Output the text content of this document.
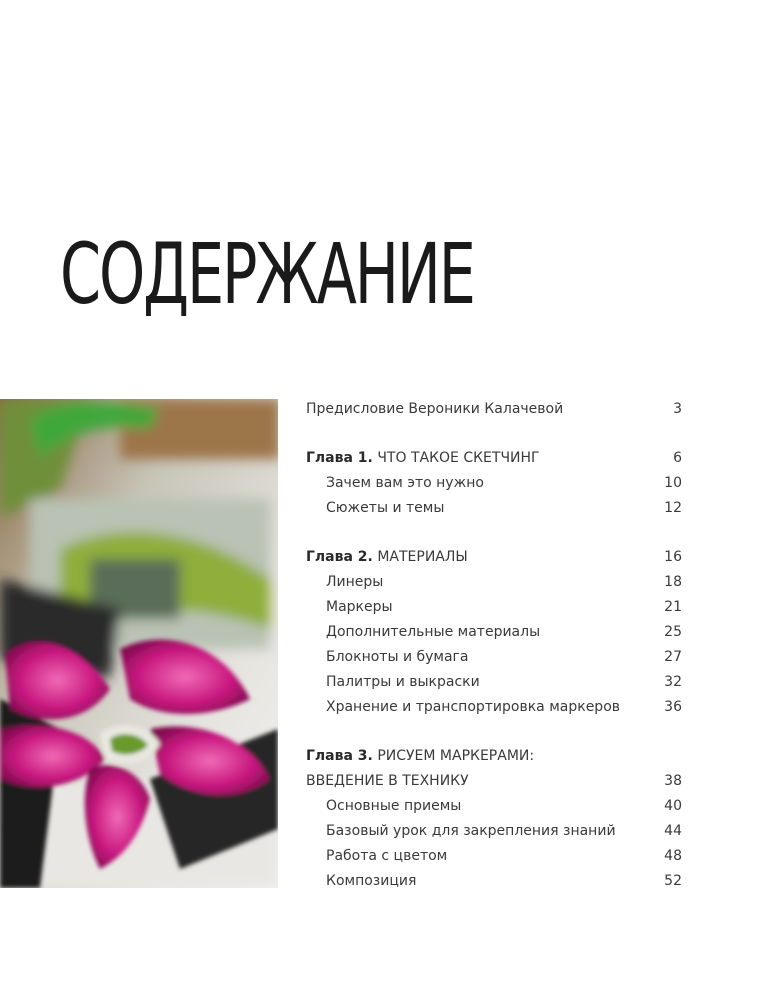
СОДЕРЖАНИЕ
Предисловие Вероники Калачевой	3
Глава 1. ЧТО ТАКОЕ СКЕТЧИНГ	6
Зачем вам это нужно	10
Сюжеты и темы	12
Глава 2. МАТЕРИАЛЫ	16
Линеры	18
Маркеры	21
Дополнительные материалы	25
Блокноты и бумага	27
Палитры и выкраски	32
Хранение и транспортировка маркеров	36
Глава 3. РИСУЕМ МАРКЕРАМИ:
ВВЕДЕНИЕ В ТЕХНИКУ	38
Основные приемы	40
Базовый урок для закрепления знаний	44
Работа с цветом	48
Композиция	52
